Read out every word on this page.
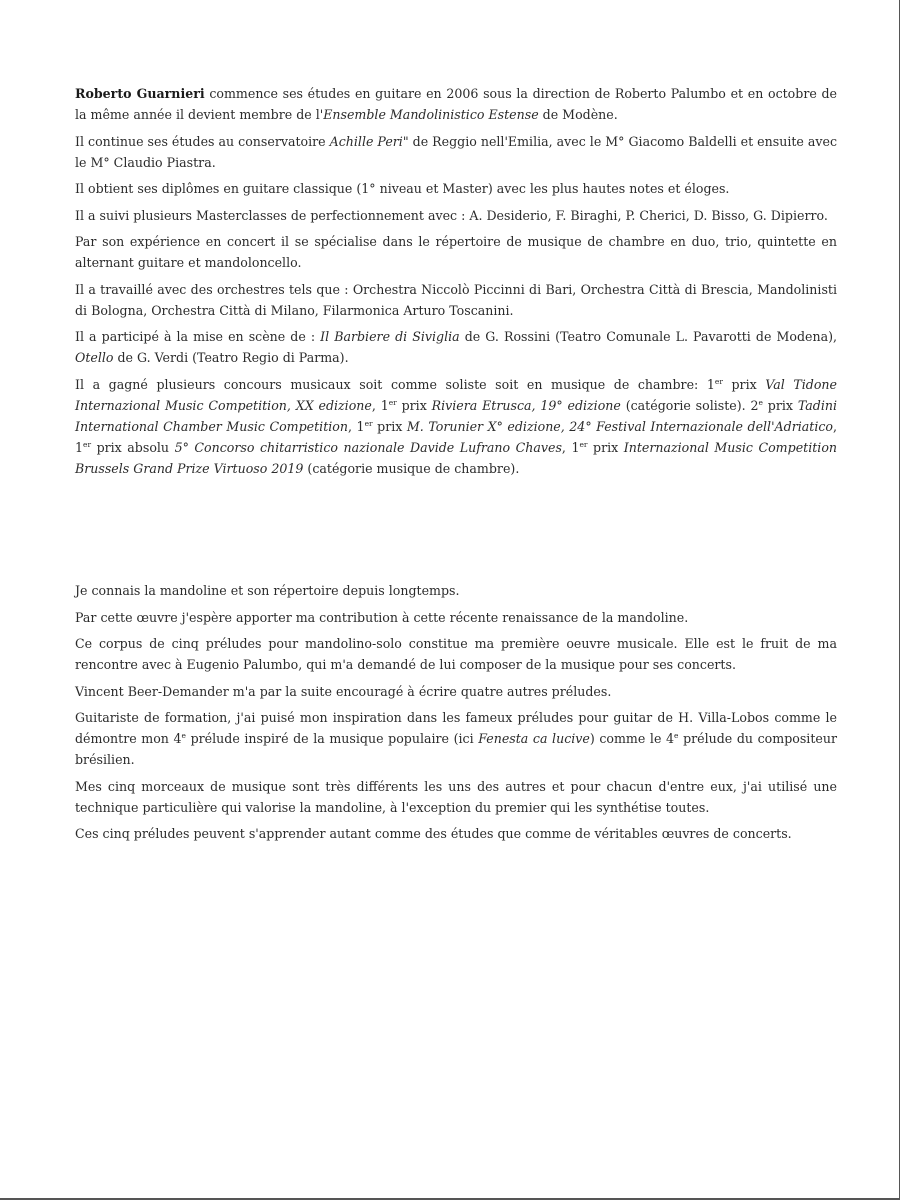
Roberto Guarnieri commence ses études en guitare en 2006 sous la direction de Roberto Palumbo et en octobre de la même année il devient membre de l'Ensemble Mandolinistico Estense de Modène.

Il continue ses études au conservatoire Achille Peri" de Reggio nell'Emilia, avec le M° Giacomo Baldelli et ensuite avec le M° Claudio Piastra.

Il obtient ses diplômes en guitare classique (1° niveau et Master) avec les plus hautes notes et éloges.

Il a suivi plusieurs Masterclasses de perfectionnement avec : A. Desiderio, F. Biraghi, P. Cherici, D. Bisso, G. Dipierro.

Par son expérience en concert il se spécialise dans le répertoire de musique de chambre en duo, trio, quintette en alternant guitare et mandoloncello.

Il a travaillé avec des orchestres tels que : Orchestra Niccolò Piccinni di Bari, Orchestra Città di Brescia, Mandolinisti di Bologna, Orchestra Città di Milano, Filarmonica Arturo Toscanini.

Il a participé à la mise en scène de : Il Barbiere di Siviglia de G. Rossini (Teatro Comunale L. Pavarotti de Modena), Otello de G. Verdi (Teatro Regio di Parma).

Il a gagné plusieurs concours musicaux soit comme soliste soit en musique de chambre: 1er prix Val Tidone Internazional Music Competition, XX edizione, 1er prix Riviera Etrusca, 19° edizione (catégorie soliste). 2e prix Tadini International Chamber Music Competition, 1er prix M. Torunier X° edizione, 24° Festival Internazionale dell'Adriatico, 1er prix absolu 5° Concorso chitarristico nazionale Davide Lufrano Chaves, 1er prix Internazional Music Competition Brussels Grand Prize Virtuoso 2019 (catégorie musique de chambre).

Je connais la mandoline et son répertoire depuis longtemps.

Par cette œuvre j'espère apporter ma contribution à cette récente renaissance de la mandoline.

Ce corpus de cinq préludes pour mandolino-solo constitue ma première oeuvre musicale. Elle est le fruit de ma rencontre avec à Eugenio Palumbo, qui m'a demandé de lui composer de la musique pour ses concerts.

Vincent Beer-Demander m'a par la suite encouragé à écrire quatre autres préludes.

Guitariste de formation, j'ai puisé mon inspiration dans les fameux préludes pour guitar de H. Villa-Lobos comme le démontre mon 4e prélude inspiré de la musique populaire (ici Fenesta ca lucive) comme le 4e prélude du compositeur brésilien.

Mes cinq morceaux de musique sont très différents les uns des autres et pour chacun d'entre eux, j'ai utilisé une technique particulière qui valorise la mandoline, à l'exception du premier qui les synthétise toutes.

Ces cinq préludes peuvent s'apprender autant comme des études que comme de véritables œuvres de concerts.
